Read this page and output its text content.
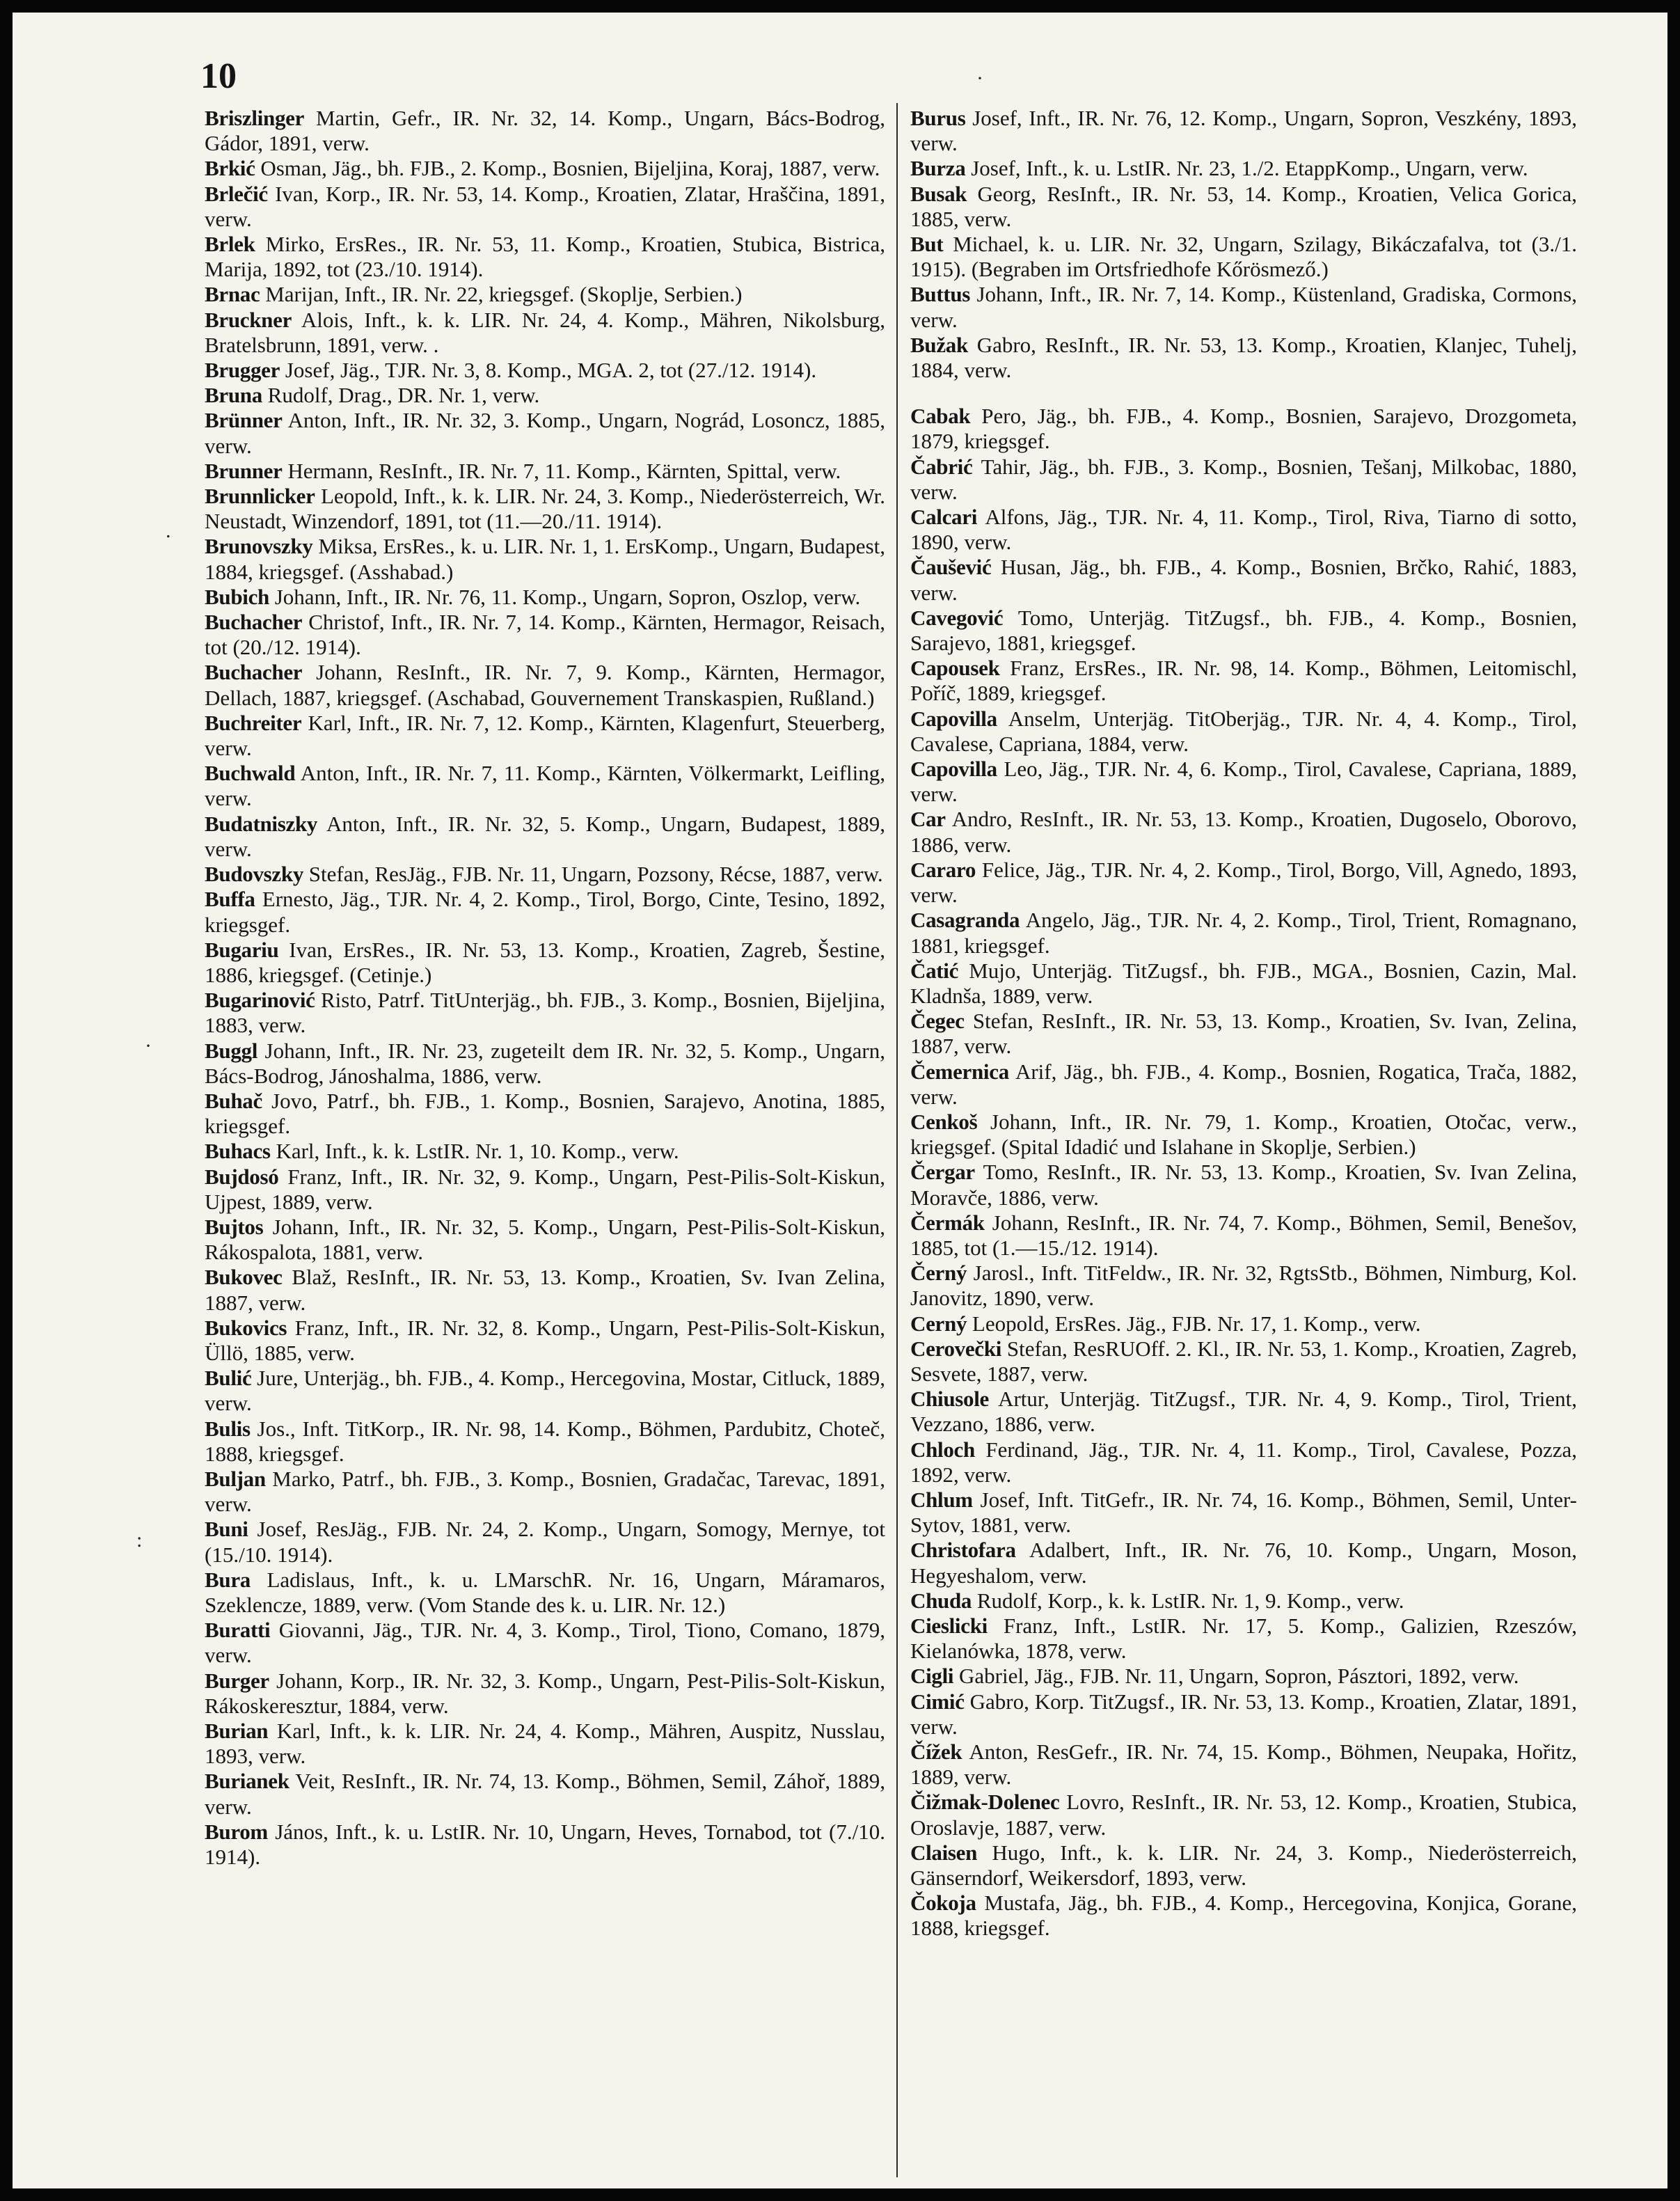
10

Briszlinger Martin, Gefr., IR. Nr. 32, 14. Komp., Ungarn, Bács-Bodrog, Gádor, 1891, verw.

Brkić Osman, Jäg., bh. FJB., 2. Komp., Bosnien, Bijeljina, Koraj, 1887, verw.

Brlečić Ivan, Korp., IR. Nr. 53, 14. Komp., Kroatien, Zlatar, Hraščina, 1891, verw.

Brlek Mirko, ErsRes., IR. Nr. 53, 11. Komp., Kroatien, Stubica, Bistrica, Marija, 1892, tot (23./10. 1914).

Brnac Marijan, Inft., IR. Nr. 22, kriegsgef. (Skoplje, Serbien.)

Bruckner Alois, Inft., k. k. LIR. Nr. 24, 4. Komp., Mähren, Nikolsburg, Bratelsbrunn, 1891, verw. .

Brugger Josef, Jäg., TJR. Nr. 3, 8. Komp., MGA. 2, tot (27./12. 1914).

Bruna Rudolf, Drag., DR. Nr. 1, verw.

Brünner Anton, Inft., IR. Nr. 32, 3. Komp., Ungarn, Nográd, Losoncz, 1885, verw.

Brunner Hermann, ResInft., IR. Nr. 7, 11. Komp., Kärnten, Spittal, verw.

Brunnlicker Leopold, Inft., k. k. LIR. Nr. 24, 3. Komp., Niederösterreich, Wr. Neustadt, Winzendorf, 1891, tot (11.—20./11. 1914).

Brunovszky Miksa, ErsRes., k. u. LIR. Nr. 1, 1. ErsKomp., Ungarn, Budapest, 1884, kriegsgef. (Asshabad.)

Bubich Johann, Inft., IR. Nr. 76, 11. Komp., Ungarn, Sopron, Oszlop, verw.

Buchacher Christof, Inft., IR. Nr. 7, 14. Komp., Kärnten, Hermagor, Reisach, tot (20./12. 1914).

Buchacher Johann, ResInft., IR. Nr. 7, 9. Komp., Kärnten, Hermagor, Dellach, 1887, kriegsgef. (Aschabad, Gouvernement Transkaspien, Rußland.)

Buchreiter Karl, Inft., IR. Nr. 7, 12. Komp., Kärnten, Klagenfurt, Steuerberg, verw.

Buchwald Anton, Inft., IR. Nr. 7, 11. Komp., Kärnten, Völkermarkt, Leifling, verw.

Budatniszky Anton, Inft., IR. Nr. 32, 5. Komp., Ungarn, Budapest, 1889, verw.

Budovszky Stefan, ResJäg., FJB. Nr. 11, Ungarn, Pozsony, Récse, 1887, verw.

Buffa Ernesto, Jäg., TJR. Nr. 4, 2. Komp., Tirol, Borgo, Cinte, Tesino, 1892, kriegsgef.

Bugariu Ivan, ErsRes., IR. Nr. 53, 13. Komp., Kroatien, Zagreb, Šestine, 1886, kriegsgef. (Cetinje.)

Bugarinović Risto, Patrf. TitUnterjäg., bh. FJB., 3. Komp., Bosnien, Bijeljina, 1883, verw.

Buggl Johann, Inft., IR. Nr. 23, zugeteilt dem IR. Nr. 32, 5. Komp., Ungarn, Bács-Bodrog, Jánoshalma, 1886, verw.

Buhač Jovo, Patrf., bh. FJB., 1. Komp., Bosnien, Sarajevo, Anotina, 1885, kriegsgef.

Buhacs Karl, Inft., k. k. LstIR. Nr. 1, 10. Komp., verw.

Bujdosó Franz, Inft., IR. Nr. 32, 9. Komp., Ungarn, Pest-Pilis-Solt-Kiskun, Ujpest, 1889, verw.

Bujtos Johann, Inft., IR. Nr. 32, 5. Komp., Ungarn, Pest-Pilis-Solt-Kiskun, Rákospalota, 1881, verw.

Bukovec Blaž, ResInft., IR. Nr. 53, 13. Komp., Kroatien, Sv. Ivan Zelina, 1887, verw.

Bukovics Franz, Inft., IR. Nr. 32, 8. Komp., Ungarn, Pest-Pilis-Solt-Kiskun, Üllö, 1885, verw.

Bulić Jure, Unterjäg., bh. FJB., 4. Komp., Hercegovina, Mostar, Citluck, 1889, verw.

Bulis Jos., Inft. TitKorp., IR. Nr. 98, 14. Komp., Böhmen, Pardubitz, Choteč, 1888, kriegsgef.

Buljan Marko, Patrf., bh. FJB., 3. Komp., Bosnien, Gradačac, Tarevac, 1891, verw.

Buni Josef, ResJäg., FJB. Nr. 24, 2. Komp., Ungarn, Somogy, Mernye, tot (15./10. 1914).

Bura Ladislaus, Inft., k. u. LMarschR. Nr. 16, Ungarn, Máramaros, Szeklencze, 1889, verw. (Vom Stande des k. u. LIR. Nr. 12.)

Buratti Giovanni, Jäg., TJR. Nr. 4, 3. Komp., Tirol, Tiono, Comano, 1879, verw.

Burger Johann, Korp., IR. Nr. 32, 3. Komp., Ungarn, Pest-Pilis-Solt-Kiskun, Rákoskeresztur, 1884, verw.

Burian Karl, Inft., k. k. LIR. Nr. 24, 4. Komp., Mähren, Auspitz, Nusslau, 1893, verw.

Burianek Veit, ResInft., IR. Nr. 74, 13. Komp., Böhmen, Semil, Záhoř, 1889, verw.

Burom János, Inft., k. u. LstIR. Nr. 10, Ungarn, Heves, Tornabod, tot (7./10. 1914).

Burus Josef, Inft., IR. Nr. 76, 12. Komp., Ungarn, Sopron, Veszkény, 1893, verw.

Burza Josef, Inft., k. u. LstIR. Nr. 23, 1./2. EtappKomp., Ungarn, verw.

Busak Georg, ResInft., IR. Nr. 53, 14. Komp., Kroatien, Velica Gorica, 1885, verw.

But Michael, k. u. LIR. Nr. 32, Ungarn, Szilagy, Bikáczafalva, tot (3./1. 1915). (Begraben im Ortsfriedhofe Kőrösmező.)

Buttus Johann, Inft., IR. Nr. 7, 14. Komp., Küstenland, Gradiska, Cormons, verw.

Bužak Gabro, ResInft., IR. Nr. 53, 13. Komp., Kroatien, Klanjec, Tuhelj, 1884, verw.

Cabak Pero, Jäg., bh. FJB., 4. Komp., Bosnien, Sarajevo, Drozgometa, 1879, kriegsgef.

Čabrić Tahir, Jäg., bh. FJB., 3. Komp., Bosnien, Tešanj, Milkobac, 1880, verw.

Calcari Alfons, Jäg., TJR. Nr. 4, 11. Komp., Tirol, Riva, Tiarno di sotto, 1890, verw.

Čaušević Husan, Jäg., bh. FJB., 4. Komp., Bosnien, Brčko, Rahić, 1883, verw.

Cavegović Tomo, Unterjäg. TitZugsf., bh. FJB., 4. Komp., Bosnien, Sarajevo, 1881, kriegsgef.

Capousek Franz, ErsRes., IR. Nr. 98, 14. Komp., Böhmen, Leitomischl, Poříč, 1889, kriegsgef.

Capovilla Anselm, Unterjäg. TitOberjäg., TJR. Nr. 4, 4. Komp., Tirol, Cavalese, Capriana, 1884, verw.

Capovilla Leo, Jäg., TJR. Nr. 4, 6. Komp., Tirol, Cavalese, Capriana, 1889, verw.

Car Andro, ResInft., IR. Nr. 53, 13. Komp., Kroatien, Dugoselo, Oborovo, 1886, verw.

Cararo Felice, Jäg., TJR. Nr. 4, 2. Komp., Tirol, Borgo, Vill, Agnedo, 1893, verw.

Casagranda Angelo, Jäg., TJR. Nr. 4, 2. Komp., Tirol, Trient, Romagnano, 1881, kriegsgef.

Čatić Mujo, Unterjäg. TitZugsf., bh. FJB., MGA., Bosnien, Cazin, Mal. Kladnša, 1889, verw.

Čegec Stefan, ResInft., IR. Nr. 53, 13. Komp., Kroatien, Sv. Ivan, Zelina, 1887, verw.

Čemernica Arif, Jäg., bh. FJB., 4. Komp., Bosnien, Rogatica, Trača, 1882, verw.

Cenkoš Johann, Inft., IR. Nr. 79, 1. Komp., Kroatien, Otočac, verw., kriegsgef. (Spital Idadić und Islahane in Skoplje, Serbien.)

Čergar Tomo, ResInft., IR. Nr. 53, 13. Komp., Kroatien, Sv. Ivan Zelina, Moravče, 1886, verw.

Čermák Johann, ResInft., IR. Nr. 74, 7. Komp., Böhmen, Semil, Benešov, 1885, tot (1.—15./12. 1914).

Černý Jarosl., Inft. TitFeldw., IR. Nr. 32, RgtsStb., Böhmen, Nimburg, Kol. Janovitz, 1890, verw.

Cerný Leopold, ErsRes. Jäg., FJB. Nr. 17, 1. Komp., verw.

Cerovečki Stefan, ResRUOff. 2. Kl., IR. Nr. 53, 1. Komp., Kroatien, Zagreb, Sesvete, 1887, verw.

Chiusole Artur, Unterjäg. TitZugsf., TJR. Nr. 4, 9. Komp., Tirol, Trient, Vezzano, 1886, verw.

Chloch Ferdinand, Jäg., TJR. Nr. 4, 11. Komp., Tirol, Cavalese, Pozza, 1892, verw.

Chlum Josef, Inft. TitGefr., IR. Nr. 74, 16. Komp., Böhmen, Semil, Unter-Sytov, 1881, verw.

Christofara Adalbert, Inft., IR. Nr. 76, 10. Komp., Ungarn, Moson, Hegyeshalom, verw.

Chuda Rudolf, Korp., k. k. LstIR. Nr. 1, 9. Komp., verw.

Cieslicki Franz, Inft., LstIR. Nr. 17, 5. Komp., Galizien, Rzeszów, Kielanówka, 1878, verw.

Cigli Gabriel, Jäg., FJB. Nr. 11, Ungarn, Sopron, Pásztori, 1892, verw.

Cimić Gabro, Korp. TitZugsf., IR. Nr. 53, 13. Komp., Kroatien, Zlatar, 1891, verw.

Čížek Anton, ResGefr., IR. Nr. 74, 15. Komp., Böhmen, Neupaka, Hořitz, 1889, verw.

Čižmak-Dolenec Lovro, ResInft., IR. Nr. 53, 12. Komp., Kroatien, Stubica, Oroslavje, 1887, verw.

Claisen Hugo, Inft., k. k. LIR. Nr. 24, 3. Komp., Niederösterreich, Gänserndorf, Weikersdorf, 1893, verw.

Čokoja Mustafa, Jäg., bh. FJB., 4. Komp., Hercegovina, Konjica, Gorane, 1888, kriegsgef.

·
.
·
:
